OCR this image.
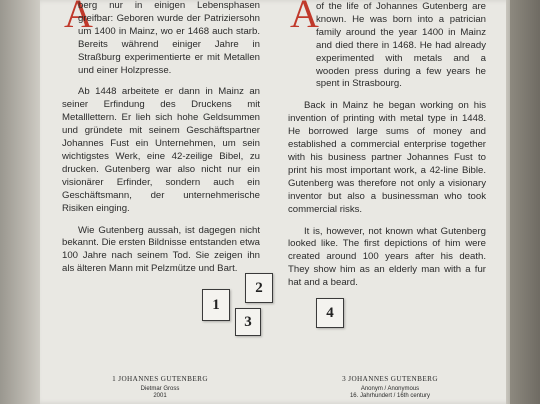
A

berg nur in einigen Lebensphasen greifbar: Geboren wurde der Patriziersohn um 1400 in Mainz, wo er 1468 auch starb. Bereits während einiger Jahre in Straßburg experimentierte er mit Metallen und einer Holzpresse.

Ab 1448 arbeitete er dann in Mainz an seiner Erfindung des Druckens mit Metalllettern. Er lieh sich hohe Geldsummen und gründete mit seinem Geschäftspartner Johannes Fust ein Unternehmen, um sein wichtigstes Werk, eine 42-zeilige Bibel, zu drucken. Gutenberg war also nicht nur ein visionärer Erfinder, sondern auch ein Geschäftsmann, der unternehmerische Risiken einging.

Wie Gutenberg aussah, ist dagegen nicht bekannt. Die ersten Bildnisse entstanden etwa 100 Jahre nach seinem Tod. Sie zeigen ihn als älteren Mann mit Pelzmütze und Bart.

A

of the life of Johannes Gutenberg are known. He was born into a patrician family around the year 1400 in Mainz and died there in 1468. He had already experimented with metals and a wooden press during a few years he spent in Strasbourg.

Back in Mainz he began working on his invention of printing with metal type in 1448. He borrowed large sums of money and established a commercial enterprise together with his business partner Johannes Fust to print his most important work, a 42-line Bible. Gutenberg was therefore not only a visionary inventor but also a businessman who took commercial risks.

It is, however, not known what Gutenberg looked like. The first depictions of him were created around 100 years after his death. They show him as an elderly man with a fur hat and a beard.

1
2
3
4
1 JOHANNES GUTENBERG
Dietmar Gross
2001
3 JOHANNES GUTENBERG
Anonym / Anonymous
16. Jahrhundert / 16th century
